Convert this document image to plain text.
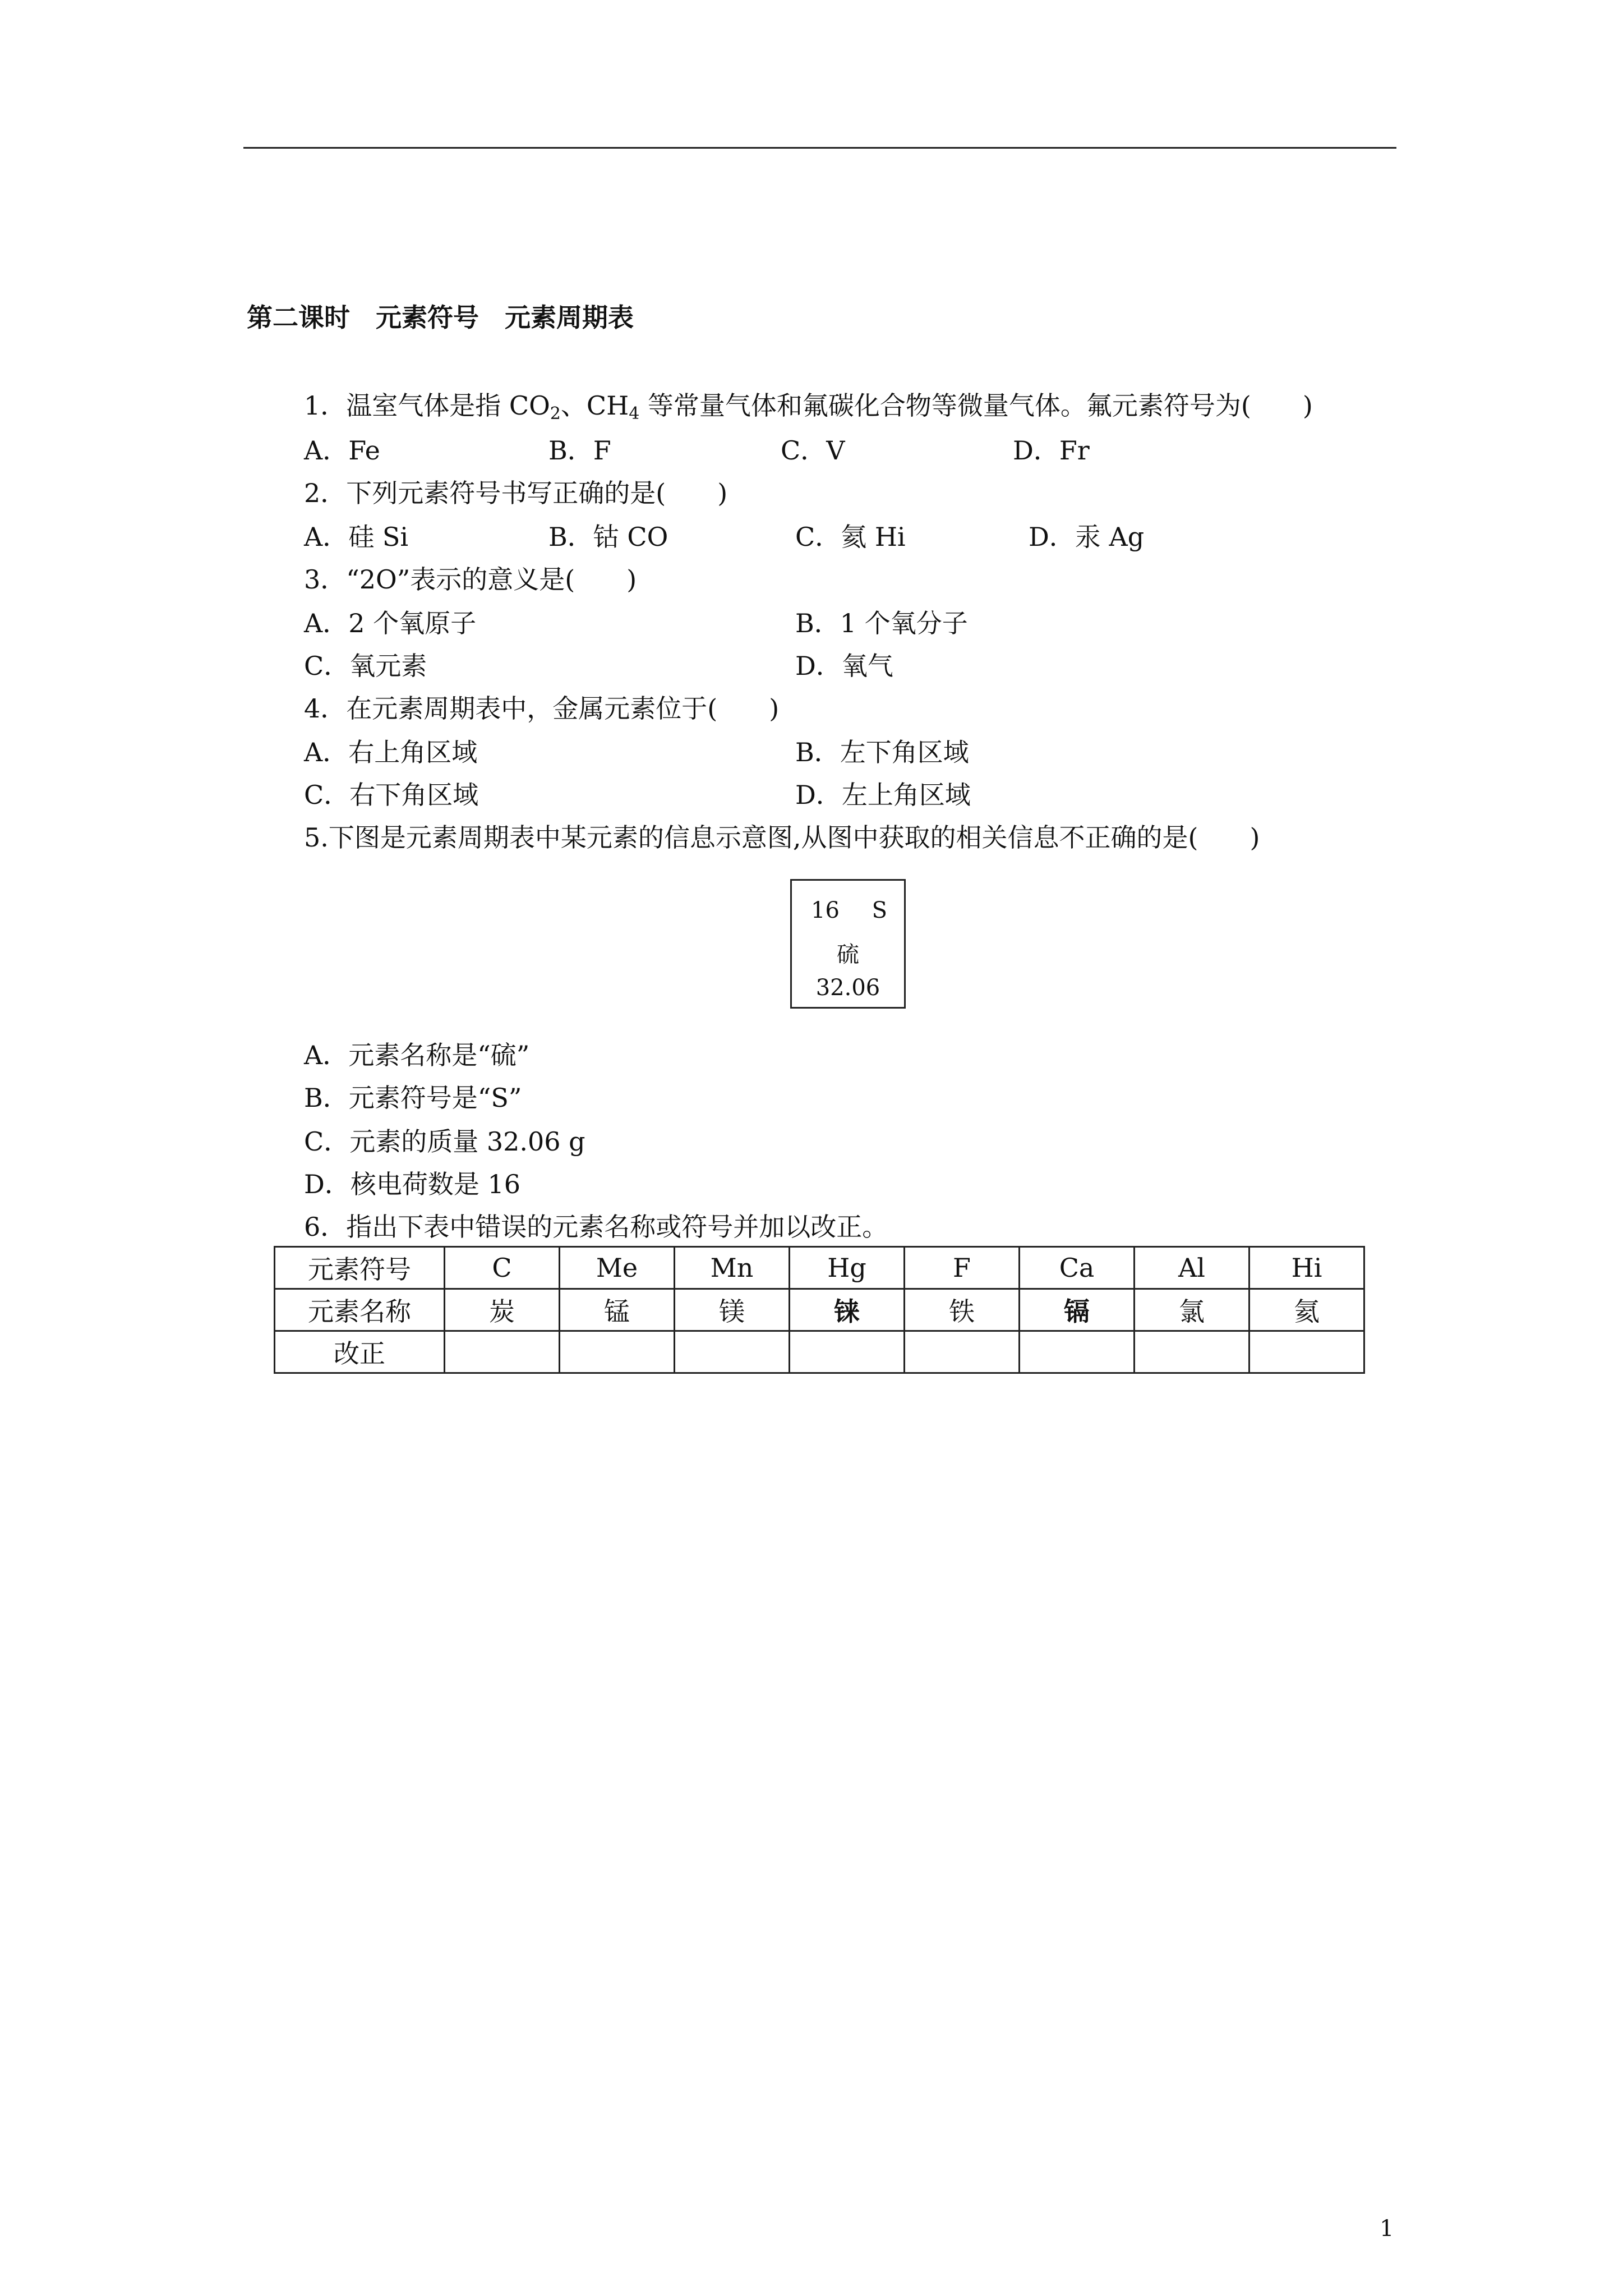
第二课时　元素符号　元素周期表
1．温室气体是指 $CO_2$、$CH_4$ 等常量气体和氟碳化合物等微量气体。氟元素符号为(　　)
A．Fe	B．F	C．V	D．Fr
2．下列元素符号书写正确的是(　　)
A．硅 Si	B．钴 CO	C．氦 Hi	D．汞 Ag
3．“2O”表示的意义是(　　)
A．2 个氧原子	B．1 个氧分子
C．氧元素	D．氧气
4．在元素周期表中，金属元素位于(　　)
A．右上角区域	B．左下角区域
C．右下角区域	D．左上角区域
5.下图是元素周期表中某元素的信息示意图,从图中获取的相关信息不正确的是(　　)
16 S
硫
32.06
A．元素名称是“硫”
B．元素符号是“S”
C．元素的质量 32.06 g
D．核电荷数是 16
6．指出下表中错误的元素名称或符号并加以改正。
元素符号	C	Me	Mn	Hg	F	Ca	Al	Hi
元素名称	炭	锰	镁	铼	铁	镉	氯	氦
改正								
1
